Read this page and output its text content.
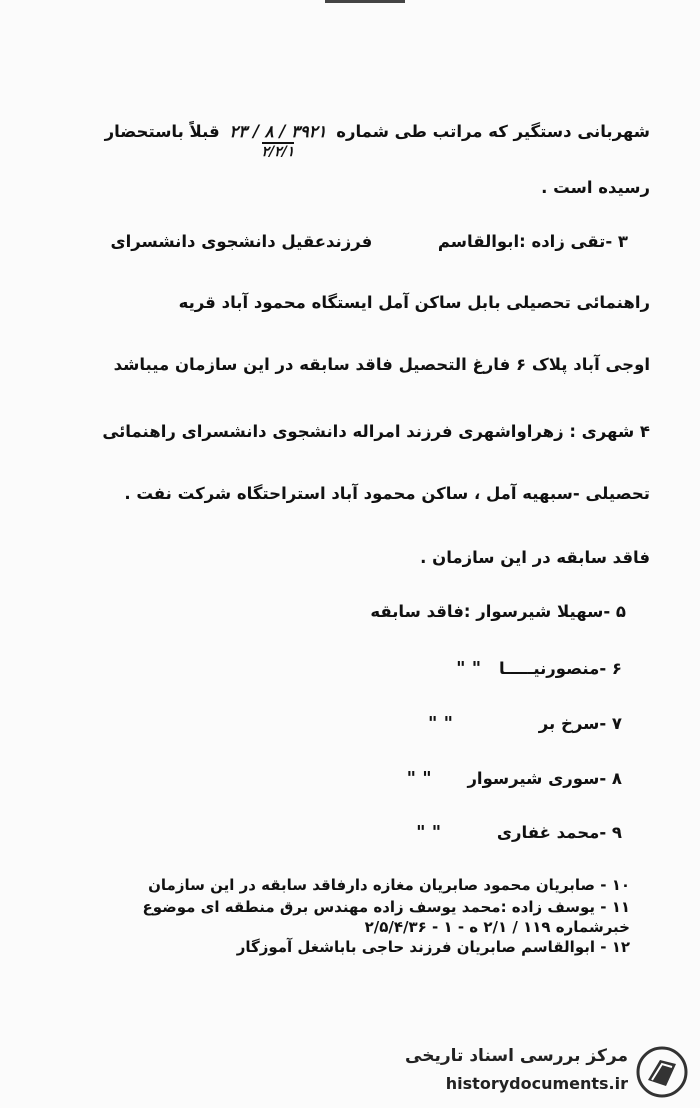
شهربانی دستگیر که مراتب طی شماره ۳۹۲۱ / ۸ / ۲۳
۲/۲/۱ قبلاً باستحضار
رسیده است .
۳ -تقی زاده :ابوالقاسم  فرزندعقیل دانشجوی دانشسرای
راهنمائی تحصیلی بابل ساکن آمل ایستگاه محمود آباد قریه
اوجی آباد پلاک ۶ فارغ التحصیل فاقد سابقه در این سازمان میباشد
۴ شهری : زهراواشهری فرزند امراله دانشجوی دانشسرای راهنمائی
تحصیلی -سبهیه آمل ، ساکن محمود آباد استراحتگاه شرکت نفت .
فاقد سابقه در این سازمان .
۵ -سهیلا شیرسوار :فاقد سابقه
۶ -منصورنیـــــا " "
۷ -سرخ بر " "
۸ -سوری شیرسوار " "
۹ -محمد غفاری " "
۱۰ - صابریان محمود صابریان مغازه دارفاقد سابقه در این سازمان
۱۱ - یوسف زاده :محمد یوسف زاده مهندس برق منطقه ای موضوع
خبرشماره ۱۱۹ / ۲/۱ ه - ۱ - ۲/۵/۴/۳۶
۱۲ - ابوالقاسم صابریان فرزند حاجی باباشغل آموزگار
مرکز بررسی اسناد تاریخی
historydocuments.ir
